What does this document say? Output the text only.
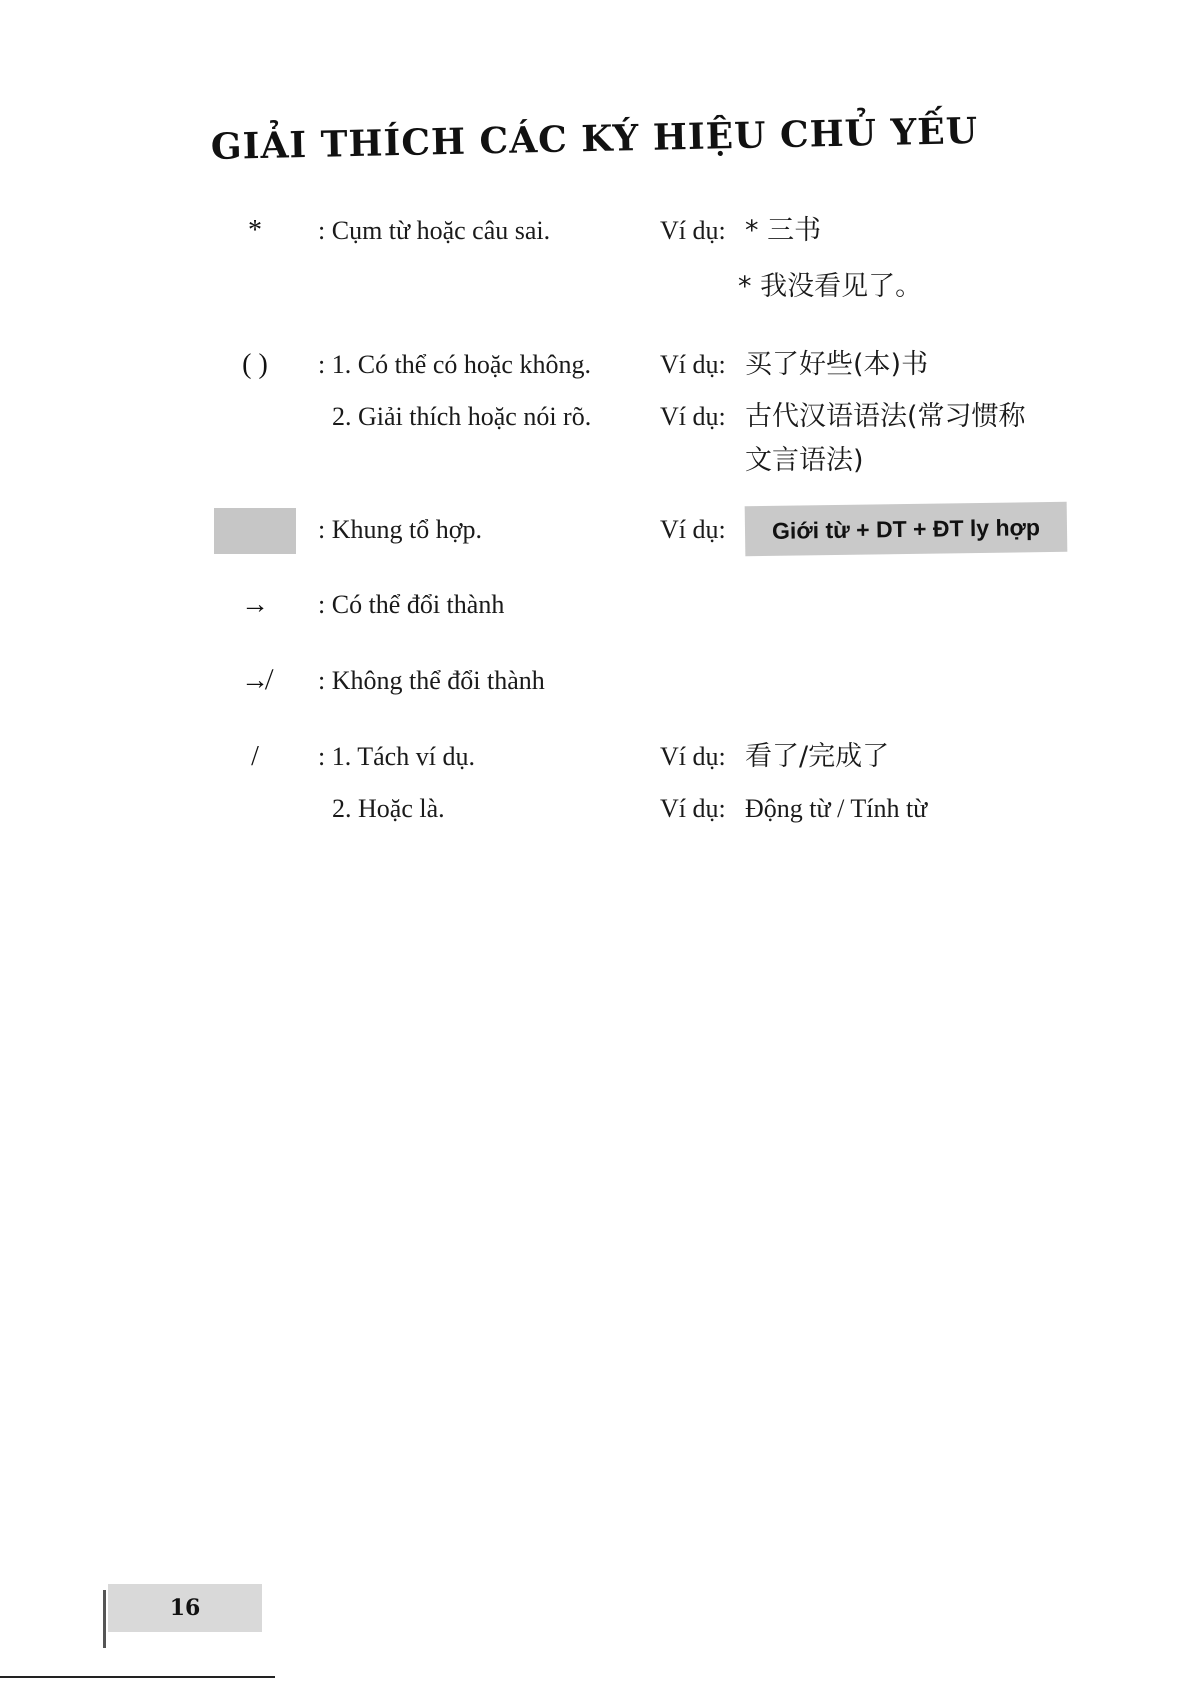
GIẢI THÍCH CÁC KÝ HIỆU CHỦ YẾU
*	: Cụm từ hoặc câu sai.	Ví dụ: * 三书
* 我没看见了。
( )	: 1. Có thể có hoặc không.	Ví dụ: 买了好些(本)书
2. Giải thích hoặc nói rõ.	Ví dụ: 古代汉语语法(常习惯称
文言语法)
: Khung tổ hợp.	Ví dụ:	Giới từ + DT + ĐT ly hợp
→	: Có thể đổi thành
↛	: Không thể đổi thành
/	: 1. Tách ví dụ.	Ví dụ: 看了/完成了
2. Hoặc là.	Ví dụ: Động từ / Tính từ
16
